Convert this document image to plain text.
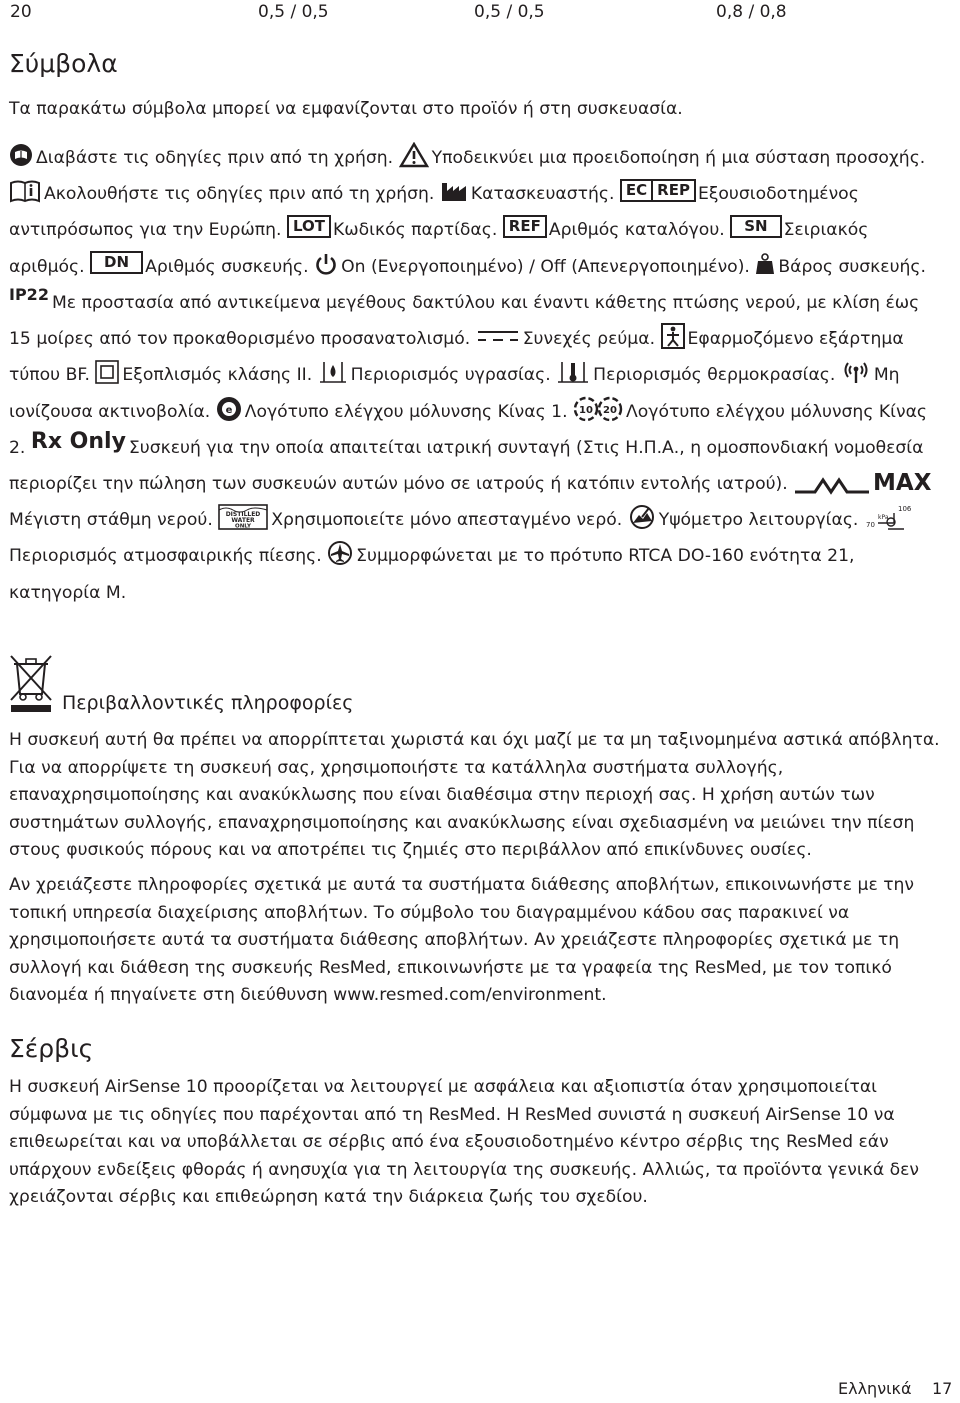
20	0,5 / 0,5	0,5 / 0,5	0,8 / 0,8
Σύμβολα

Τα παρακάτω σύμβολα μπορεί να εμφανίζονται στο προϊόν ή στη συσκευασία.

Διαβάστε τις οδηγίες πριν από τη χρήση. Υποδεικνύει μια προειδοποίηση ή μια σύσταση προσοχής. Ακολουθήστε τις οδηγίες πριν από τη χρήση. Κατασκευαστής. EC REP Εξουσιοδοτημένος αντιπρόσωπος για την Ευρώπη. LOT Κωδικός παρτίδας. REF Αριθμός καταλόγου. SN Σειριακός αριθμός. DN Αριθμός συσκευής. On (Ενεργοποιημένο) / Off (Απενεργοποιημένο). Βάρος συσκευής. IP22 Με προστασία από αντικείμενα μεγέθους δακτύλου και έναντι κάθετης πτώσης νερού, με κλίση έως 15 μοίρες από τον προκαθορισμένο προσανατολισμό.	Συνεχές ρεύμα. Εφαρμοζόμενο εξάρτημα τύπου BF. Εξοπλισμός κλάσης ΙΙ. Περιορισμός υγρασίας. Περιορισμός θερμοκρασίας. Μη ιονίζουσα ακτινοβολία. e Λογότυπο ελέγχου μόλυνσης Κίνας 1. 10 20 Λογότυπο ελέγχου μόλυνσης Κίνας 2. Rx Only Συσκευή για την οποία απαιτείται ιατρική συνταγή (Στις Η.Π.Α., η ομοσπονδιακή νομοθεσία περιορίζει την πώληση των συσκευών αυτών μόνο σε ιατρούς ή κατόπιν εντολής ιατρού).	MAX
Μέγιστη στάθμη νερού. DISTILLED
WATER
ONLY Χρησιμοποιείτε μόνο απεσταγμένο νερό. Υψόμετρο λειτουργίας.
106
70
kPa
Περιορισμός ατμοσφαιρικής πίεσης. Συμμορφώνεται με το πρότυπο RTCA DO-160 ενότητα 21, κατηγορία M.

Περιβαλλοντικές πληροφορίες

Η συσκευή αυτή θα πρέπει να απορρίπτεται χωριστά και όχι μαζί με τα μη ταξινομημένα αστικά απόβλητα. Για να απορρίψετε τη συσκευή σας, χρησιμοποιήστε τα κατάλληλα συστήματα συλλογής, επαναχρησιμοποίησης και ανακύκλωσης που είναι διαθέσιμα στην περιοχή σας. Η χρήση αυτών των συστημάτων συλλογής, επαναχρησιμοποίησης και ανακύκλωσης είναι σχεδιασμένη να μειώνει την πίεση στους φυσικούς πόρους και να αποτρέπει τις ζημιές στο περιβάλλον από επικίνδυνες ουσίες.

Αν χρειάζεστε πληροφορίες σχετικά με αυτά τα συστήματα διάθεσης αποβλήτων, επικοινωνήστε με την τοπική υπηρεσία διαχείρισης αποβλήτων. Το σύμβολο του διαγραμμένου κάδου σας παρακινεί να χρησιμοποιήσετε αυτά τα συστήματα διάθεσης αποβλήτων. Αν χρειάζεστε πληροφορίες σχετικά με τη συλλογή και διάθεση της συσκευής ResMed, επικοινωνήστε με τα γραφεία της ResMed, με τον τοπικό διανομέα ή πηγαίνετε στη διεύθυνση www.resmed.com/environment.

Σέρβις

Η συσκευή AirSense 10 προορίζεται να λειτουργεί με ασφάλεια και αξιοπιστία όταν χρησιμοποιείται σύμφωνα με τις οδηγίες που παρέχονται από τη ResMed. Η ResMed συνιστά η συσκευή AirSense 10 να επιθεωρείται και να υποβάλλεται σε σέρβις από ένα εξουσιοδοτημένο κέντρο σέρβις της ResMed εάν υπάρχουν ενδείξεις φθοράς ή ανησυχία για τη λειτουργία της συσκευής. Αλλιώς, τα προϊόντα γενικά δεν χρειάζονται σέρβις και επιθεώρηση κατά την διάρκεια ζωής του σχεδίου.

Ελληνικά 17
